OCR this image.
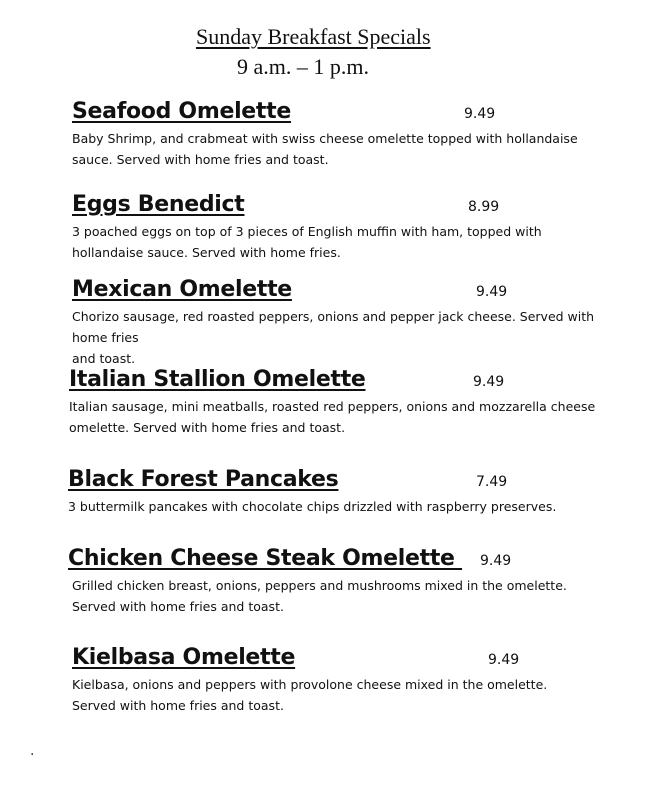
Sunday Breakfast Specials
9 a.m. – 1 p.m.
Seafood Omelette	9.49
Baby Shrimp, and crabmeat with swiss cheese omelette topped with hollandaise
sauce. Served with home fries and toast.
Eggs Benedict	8.99
3 poached eggs on top of 3 pieces of English muffin with ham, topped with
hollandaise sauce. Served with home fries.
Mexican Omelette	9.49
Chorizo sausage, red roasted peppers, onions and pepper jack cheese. Served with home fries
and toast.
Italian Stallion Omelette	9.49
Italian sausage, mini meatballs, roasted red peppers, onions and mozzarella cheese
omelette. Served with home fries and toast.
Black Forest Pancakes	7.49
3 buttermilk pancakes with chocolate chips drizzled with raspberry preserves.
Chicken Cheese Steak Omelette	9.49
Grilled chicken breast, onions, peppers and mushrooms mixed in the omelette.
Served with home fries and toast.
Kielbasa Omelette	9.49
Kielbasa, onions and peppers with provolone cheese mixed in the omelette.
Served with home fries and toast.
.
